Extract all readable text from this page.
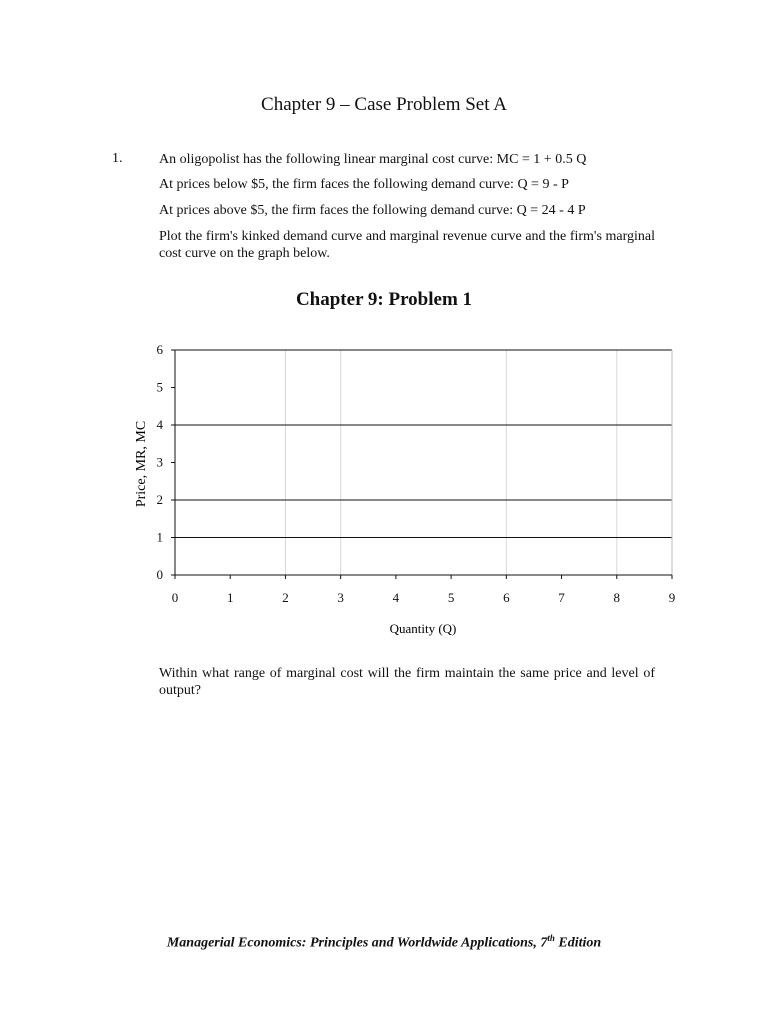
Chapter 9 – Case Problem Set A
1.	An oligopolist has the following linear marginal cost curve: MC = 1 + 0.5 Q
At prices below $5, the firm faces the following demand curve: Q = 9 - P
At prices above $5, the firm faces the following demand curve: Q = 24 - 4 P
Plot the firm's kinked demand curve and marginal revenue curve and the firm's marginal cost curve on the graph below.
Chapter 9: Problem 1
0
1
2
3
4
5
6
0	1	2	3	4	5	6	7	8	9
Quantity (Q)
Price, MR, MC
Within what range of marginal cost will the firm maintain the same price and level of output?
Managerial Economics: Principles and Worldwide Applications, 7th Edition
